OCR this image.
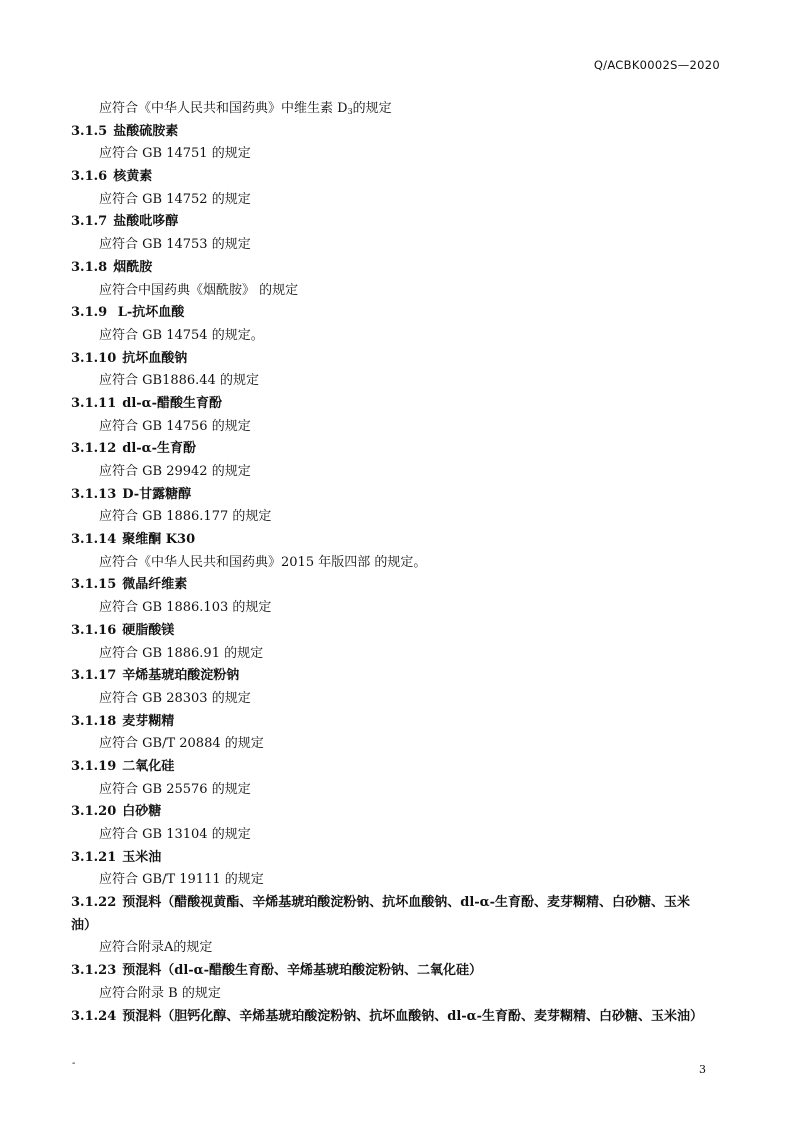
Q/ACBK0002S—2020
应符合《中华人民共和国药典》中维生素 $D_3$的规定
3.1.5 盐酸硫胺素
应符合 GB 14751 的规定
3.1.6 核黄素
应符合 GB 14752 的规定
3.1.7 盐酸吡哆醇
应符合 GB 14753 的规定
3.1.8 烟酰胺
应符合中国药典《烟酰胺》 的规定
3.1.9 L-抗坏血酸
应符合 GB 14754 的规定。
3.1.10 抗坏血酸钠
应符合 GB1886.44 的规定
3.1.11 dl-α-醋酸生育酚
应符合 GB 14756 的规定
3.1.12 dl-α-生育酚
应符合 GB 29942 的规定
3.1.13 D-甘露糖醇
应符合 GB 1886.177 的规定
3.1.14 聚维酮 K30
应符合《中华人民共和国药典》2015 年版四部 的规定。
3.1.15 微晶纤维素
应符合 GB 1886.103 的规定
3.1.16 硬脂酸镁
应符合 GB 1886.91 的规定
3.1.17 辛烯基琥珀酸淀粉钠
应符合 GB 28303 的规定
3.1.18 麦芽糊精
应符合 GB/T 20884 的规定
3.1.19 二氧化硅
应符合 GB 25576 的规定
3.1.20 白砂糖
应符合 GB 13104 的规定
3.1.21 玉米油
应符合 GB/T 19111 的规定
3.1.22 预混料（醋酸视黄酯、辛烯基琥珀酸淀粉钠、抗坏血酸钠、dl-α-生育酚、麦芽糊精、白砂糖、玉米
油）
应符合附录A的规定
3.1.23 预混料（dl-α-醋酸生育酚、辛烯基琥珀酸淀粉钠、二氧化硅）
应符合附录 B 的规定
3.1.24 预混料（胆钙化醇、辛烯基琥珀酸淀粉钠、抗坏血酸钠、dl-α-生育酚、麦芽糊精、白砂糖、玉米油）
-	3
